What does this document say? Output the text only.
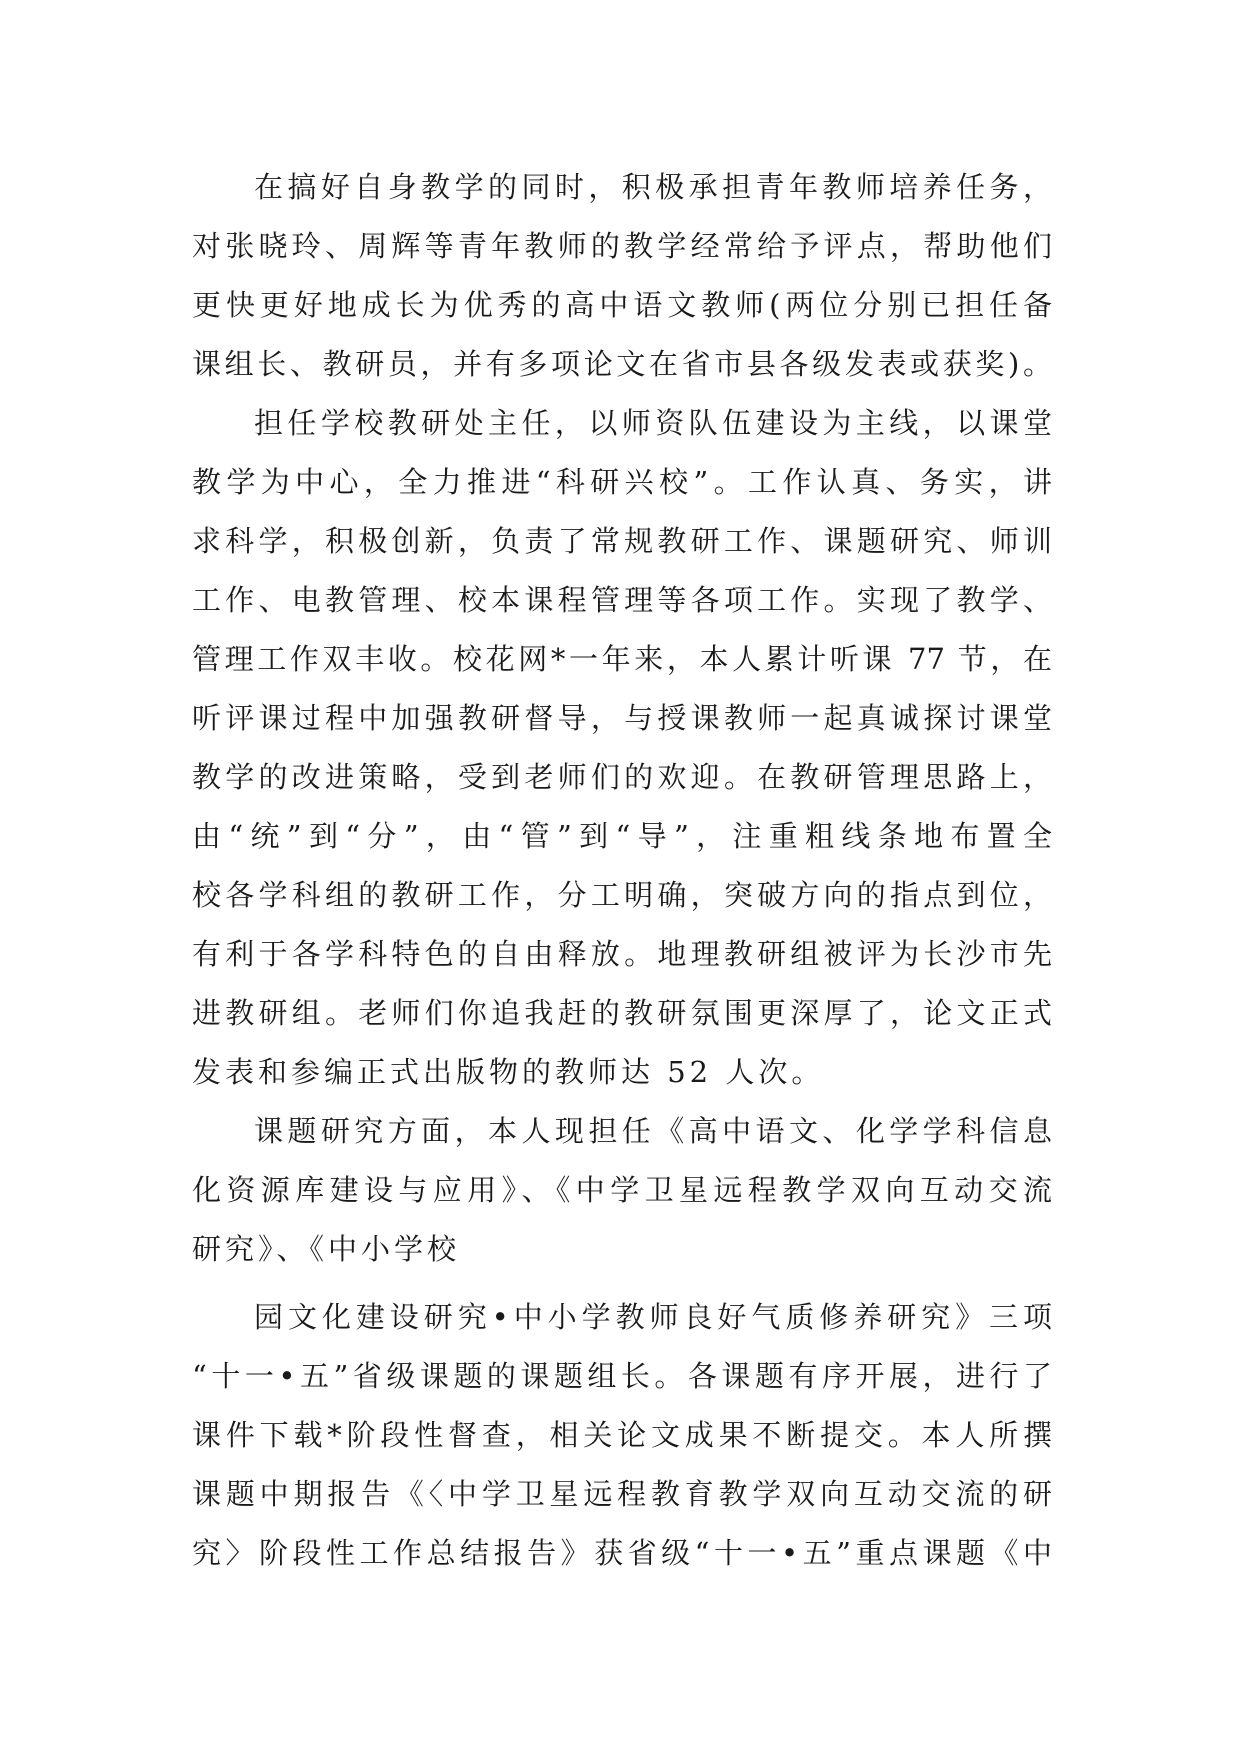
在搞好自身教学的同时，积极承担青年教师培养任务，
对张晓玲、周辉等青年教师的教学经常给予评点，帮助他们
更快更好地成长为优秀的高中语文教师(两位分别已担任备
课组长、教研员，并有多项论文在省市县各级发表或获奖)。
担任学校教研处主任，以师资队伍建设为主线，以课堂
教学为中心，全力推进“科研兴校”。工作认真、务实，讲
求科学，积极创新，负责了常规教研工作、课题研究、师训
工作、电教管理、校本课程管理等各项工作。实现了教学、
管理工作双丰收。校花网*一年来，本人累计听课 77 节，在
听评课过程中加强教研督导，与授课教师一起真诚探讨课堂
教学的改进策略，受到老师们的欢迎。在教研管理思路上，
由“统”到“分”，由“管”到“导”，注重粗线条地布置全
校各学科组的教研工作，分工明确，突破方向的指点到位，
有利于各学科特色的自由释放。地理教研组被评为长沙市先
进教研组。老师们你追我赶的教研氛围更深厚了，论文正式
发表和参编正式出版物的教师达 52 人次。
课题研究方面，本人现担任《高中语文、化学学科信息
化资源库建设与应用》、《中学卫星远程教学双向互动交流
研究》、《中小学校
园文化建设研究•中小学教师良好气质修养研究》三项
“十一•五”省级课题的课题组长。各课题有序开展，进行了
课件下载*阶段性督查，相关论文成果不断提交。本人所撰
课题中期报告《〈中学卫星远程教育教学双向互动交流的研
究〉阶段性工作总结报告》获省级“十一•五”重点课题《中
